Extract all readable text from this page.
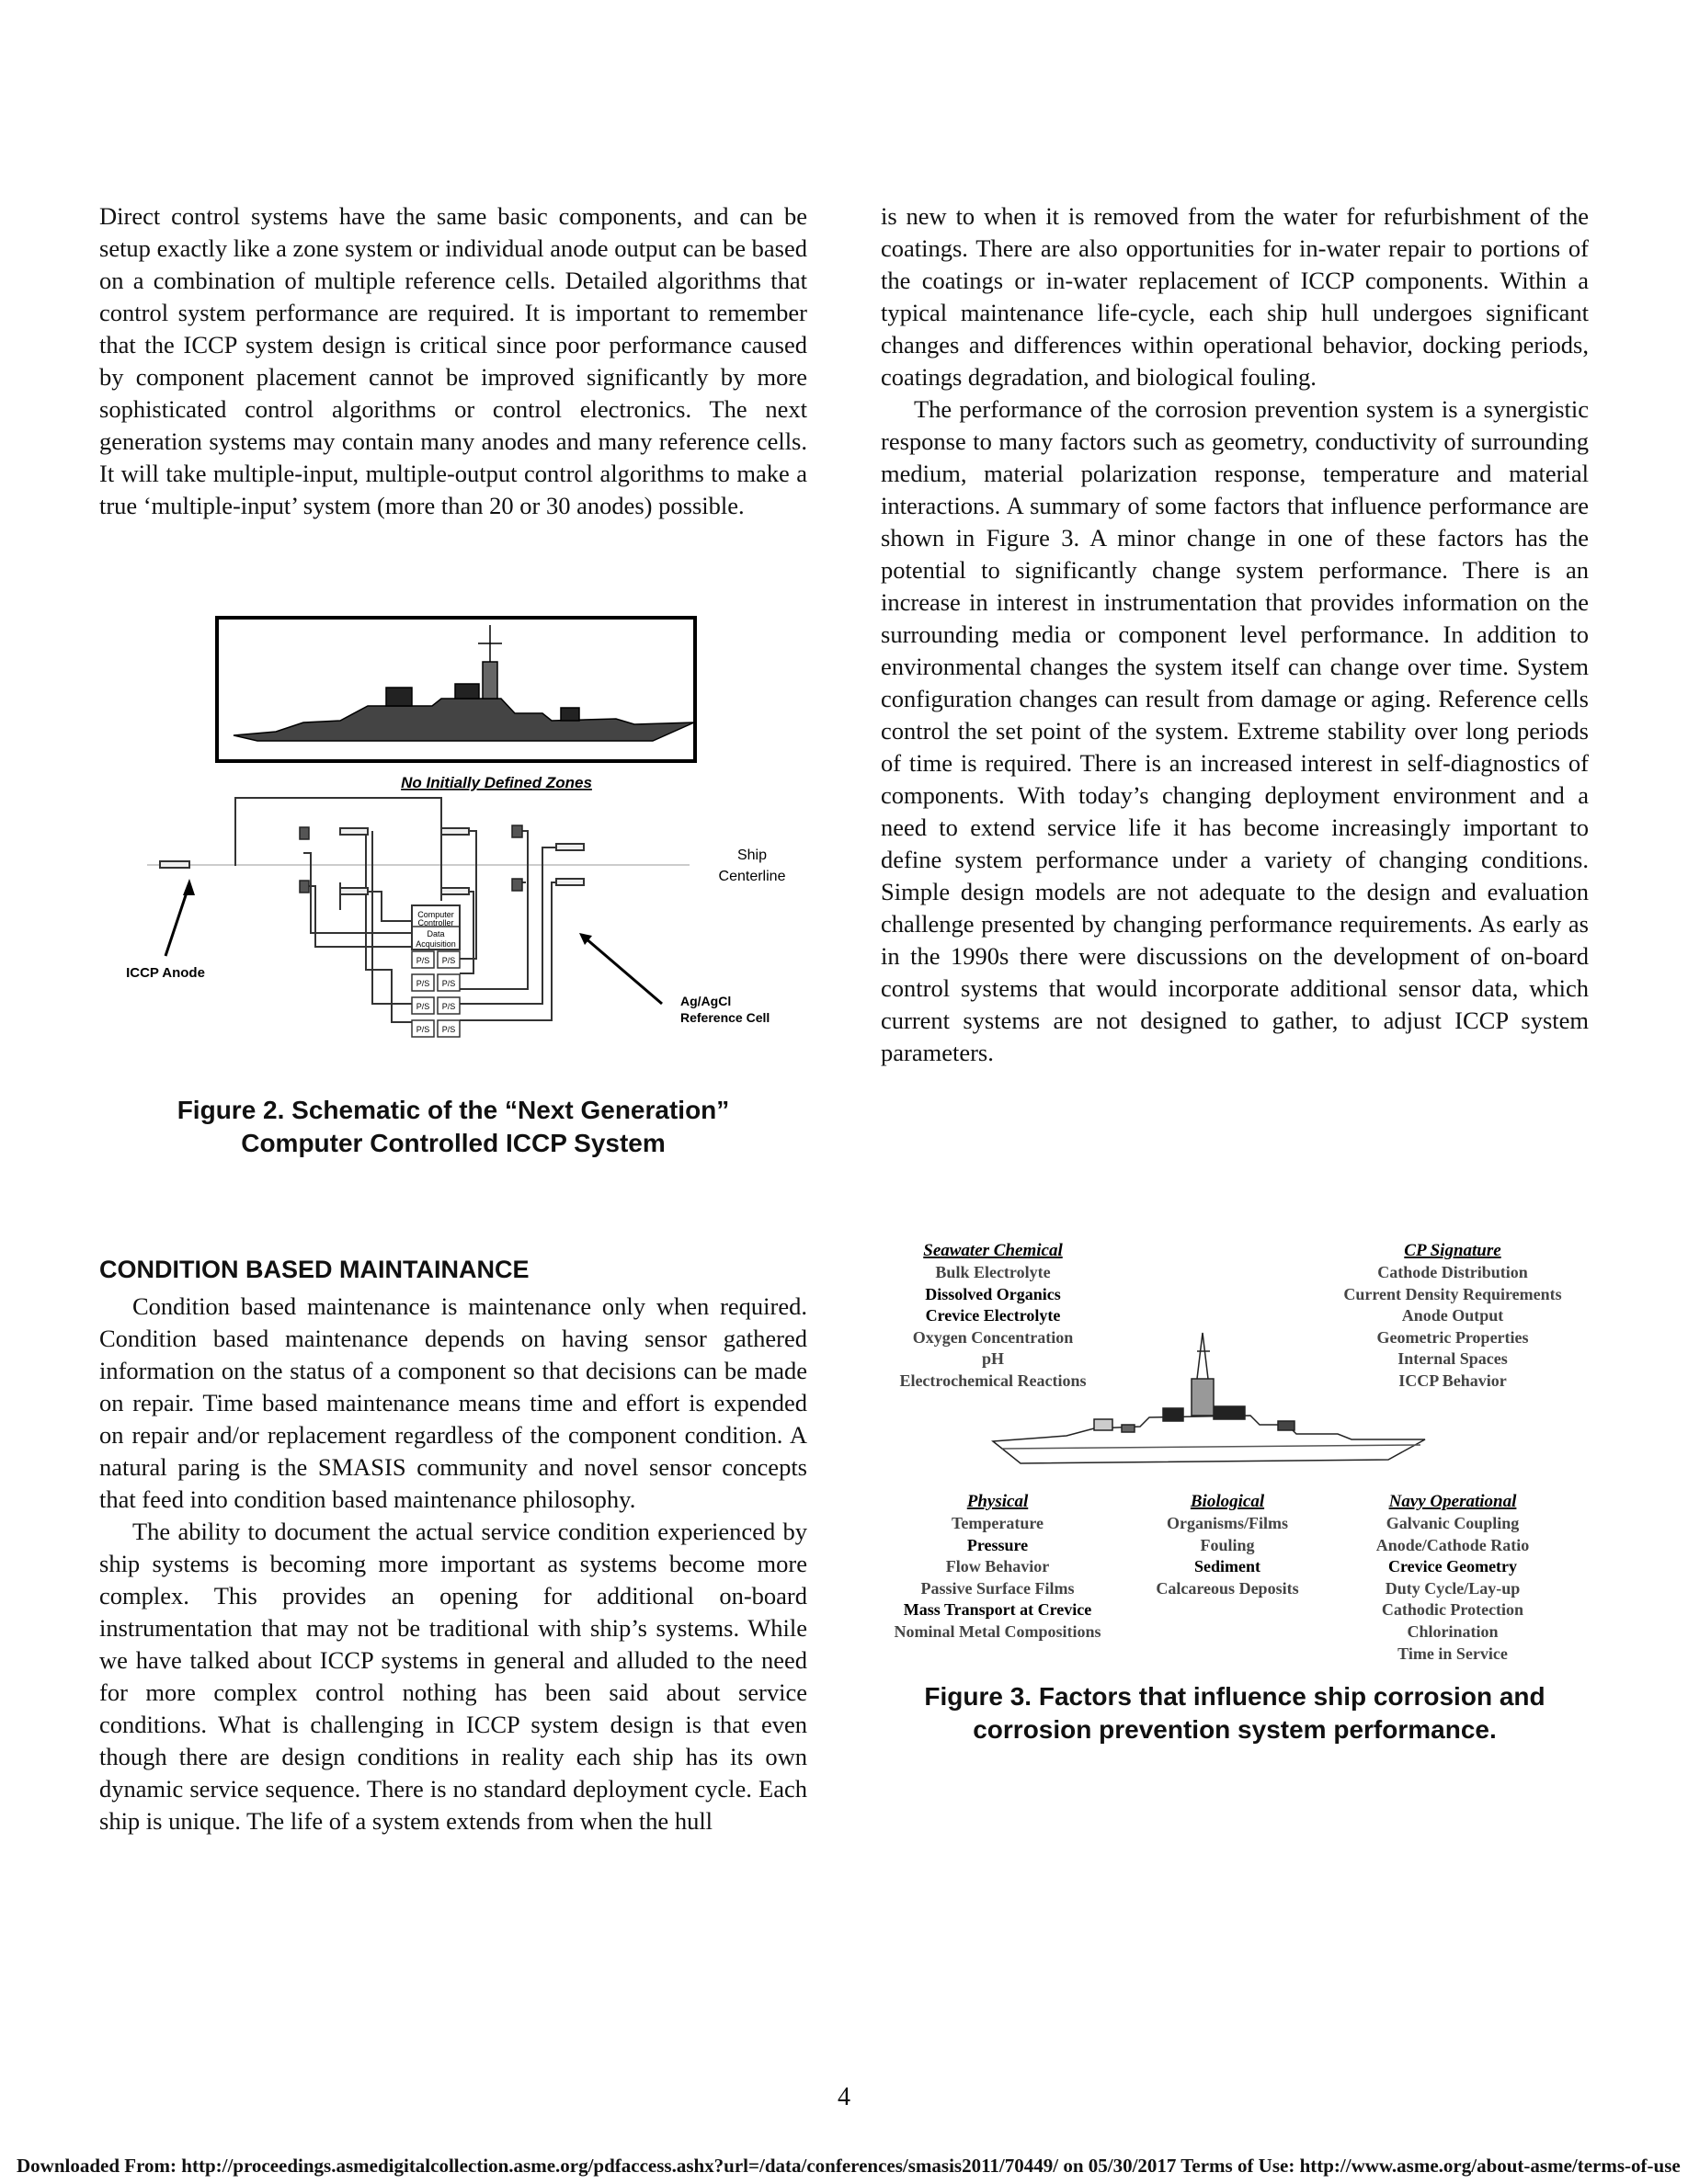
Direct control systems have the same basic components, and can be setup exactly like a zone system or individual anode output can be based on a combination of multiple reference cells. Detailed algorithms that control system performance are required. It is important to remember that the ICCP system design is critical since poor performance caused by component placement cannot be improved significantly by more sophisticated control algorithms or control electronics. The next generation systems may contain many anodes and many reference cells. It will take multiple-input, multiple-output control algorithms to make a true ‘multiple-input’ system (more than 20 or 30 anodes) possible.

No Initially Defined Zones
Computer
Controller
Data
Acquisition
P/S P/S
P/S P/S
P/S P/S
P/S P/S
Ship
Centerline
ICCP Anode
Ag/AgCl
Reference Cell
Figure 2. Schematic of the “Next Generation”
Computer Controlled ICCP System
CONDITION BASED MAINTAINANCE

Condition based maintenance is maintenance only when required. Condition based maintenance depends on having sensor gathered information on the status of a component so that decisions can be made on repair. Time based maintenance means time and effort is expended on repair and/or replacement regardless of the component condition. A natural paring is the SMASIS community and novel sensor concepts that feed into condition based maintenance philosophy.

The ability to document the actual service condition experienced by ship systems is becoming more important as systems become more complex. This provides an opening for additional on-board instrumentation that may not be traditional with ship’s systems. While we have talked about ICCP systems in general and alluded to the need for more complex control nothing has been said about service conditions. What is challenging in ICCP system design is that even though there are design conditions in reality each ship has its own dynamic service sequence. There is no standard deployment cycle. Each ship is unique. The life of a system extends from when the hull

is new to when it is removed from the water for refurbishment of the coatings. There are also opportunities for in-water repair to portions of the coatings or in-water replacement of ICCP components. Within a typical maintenance life-cycle, each ship hull undergoes significant changes and differences within operational behavior, docking periods, coatings degradation, and biological fouling.

The performance of the corrosion prevention system is a synergistic response to many factors such as geometry, conductivity of surrounding medium, material polarization response, temperature and material interactions. A summary of some factors that influence performance are shown in Figure 3. A minor change in one of these factors has the potential to significantly change system performance. There is an increase in interest in instrumentation that provides information on the surrounding media or component level performance. In addition to environmental changes the system itself can change over time. System configuration changes can result from damage or aging. Reference cells control the set point of the system. Extreme stability over long periods of time is required. There is an increased interest in self-diagnostics of components. With today’s changing deployment environment and a need to extend service life it has become increasingly important to define system performance under a variety of changing conditions. Simple design models are not adequate to the design and evaluation challenge presented by changing performance requirements. As early as in the 1990s there were discussions on the development of on-board control systems that would incorporate additional sensor data, which current systems are not designed to gather, to adjust ICCP system parameters.

Seawater Chemical
Bulk Electrolyte
Dissolved Organics
Crevice Electrolyte
Oxygen Concentration
pH
Electrochemical Reactions
CP Signature
Cathode Distribution
Current Density Requirements
Anode Output
Geometric Properties
Internal Spaces
ICCP Behavior
Physical
Temperature
Pressure
Flow Behavior
Passive Surface Films
Mass Transport at Crevice
Nominal Metal Compositions
Biological
Organisms/Films
Fouling
Sediment
Calcareous Deposits
Navy Operational
Galvanic Coupling
Anode/Cathode Ratio
Crevice Geometry
Duty Cycle/Lay-up
Cathodic Protection
Chlorination
Time in Service
Figure 3. Factors that influence ship corrosion and
corrosion prevention system performance.
4
Downloaded From: http://proceedings.asmedigitalcollection.asme.org/pdfaccess.ashx?url=/data/conferences/smasis2011/70449/ on 05/30/2017 Terms of Use: http://www.asme.org/about-asme/terms-of-use
